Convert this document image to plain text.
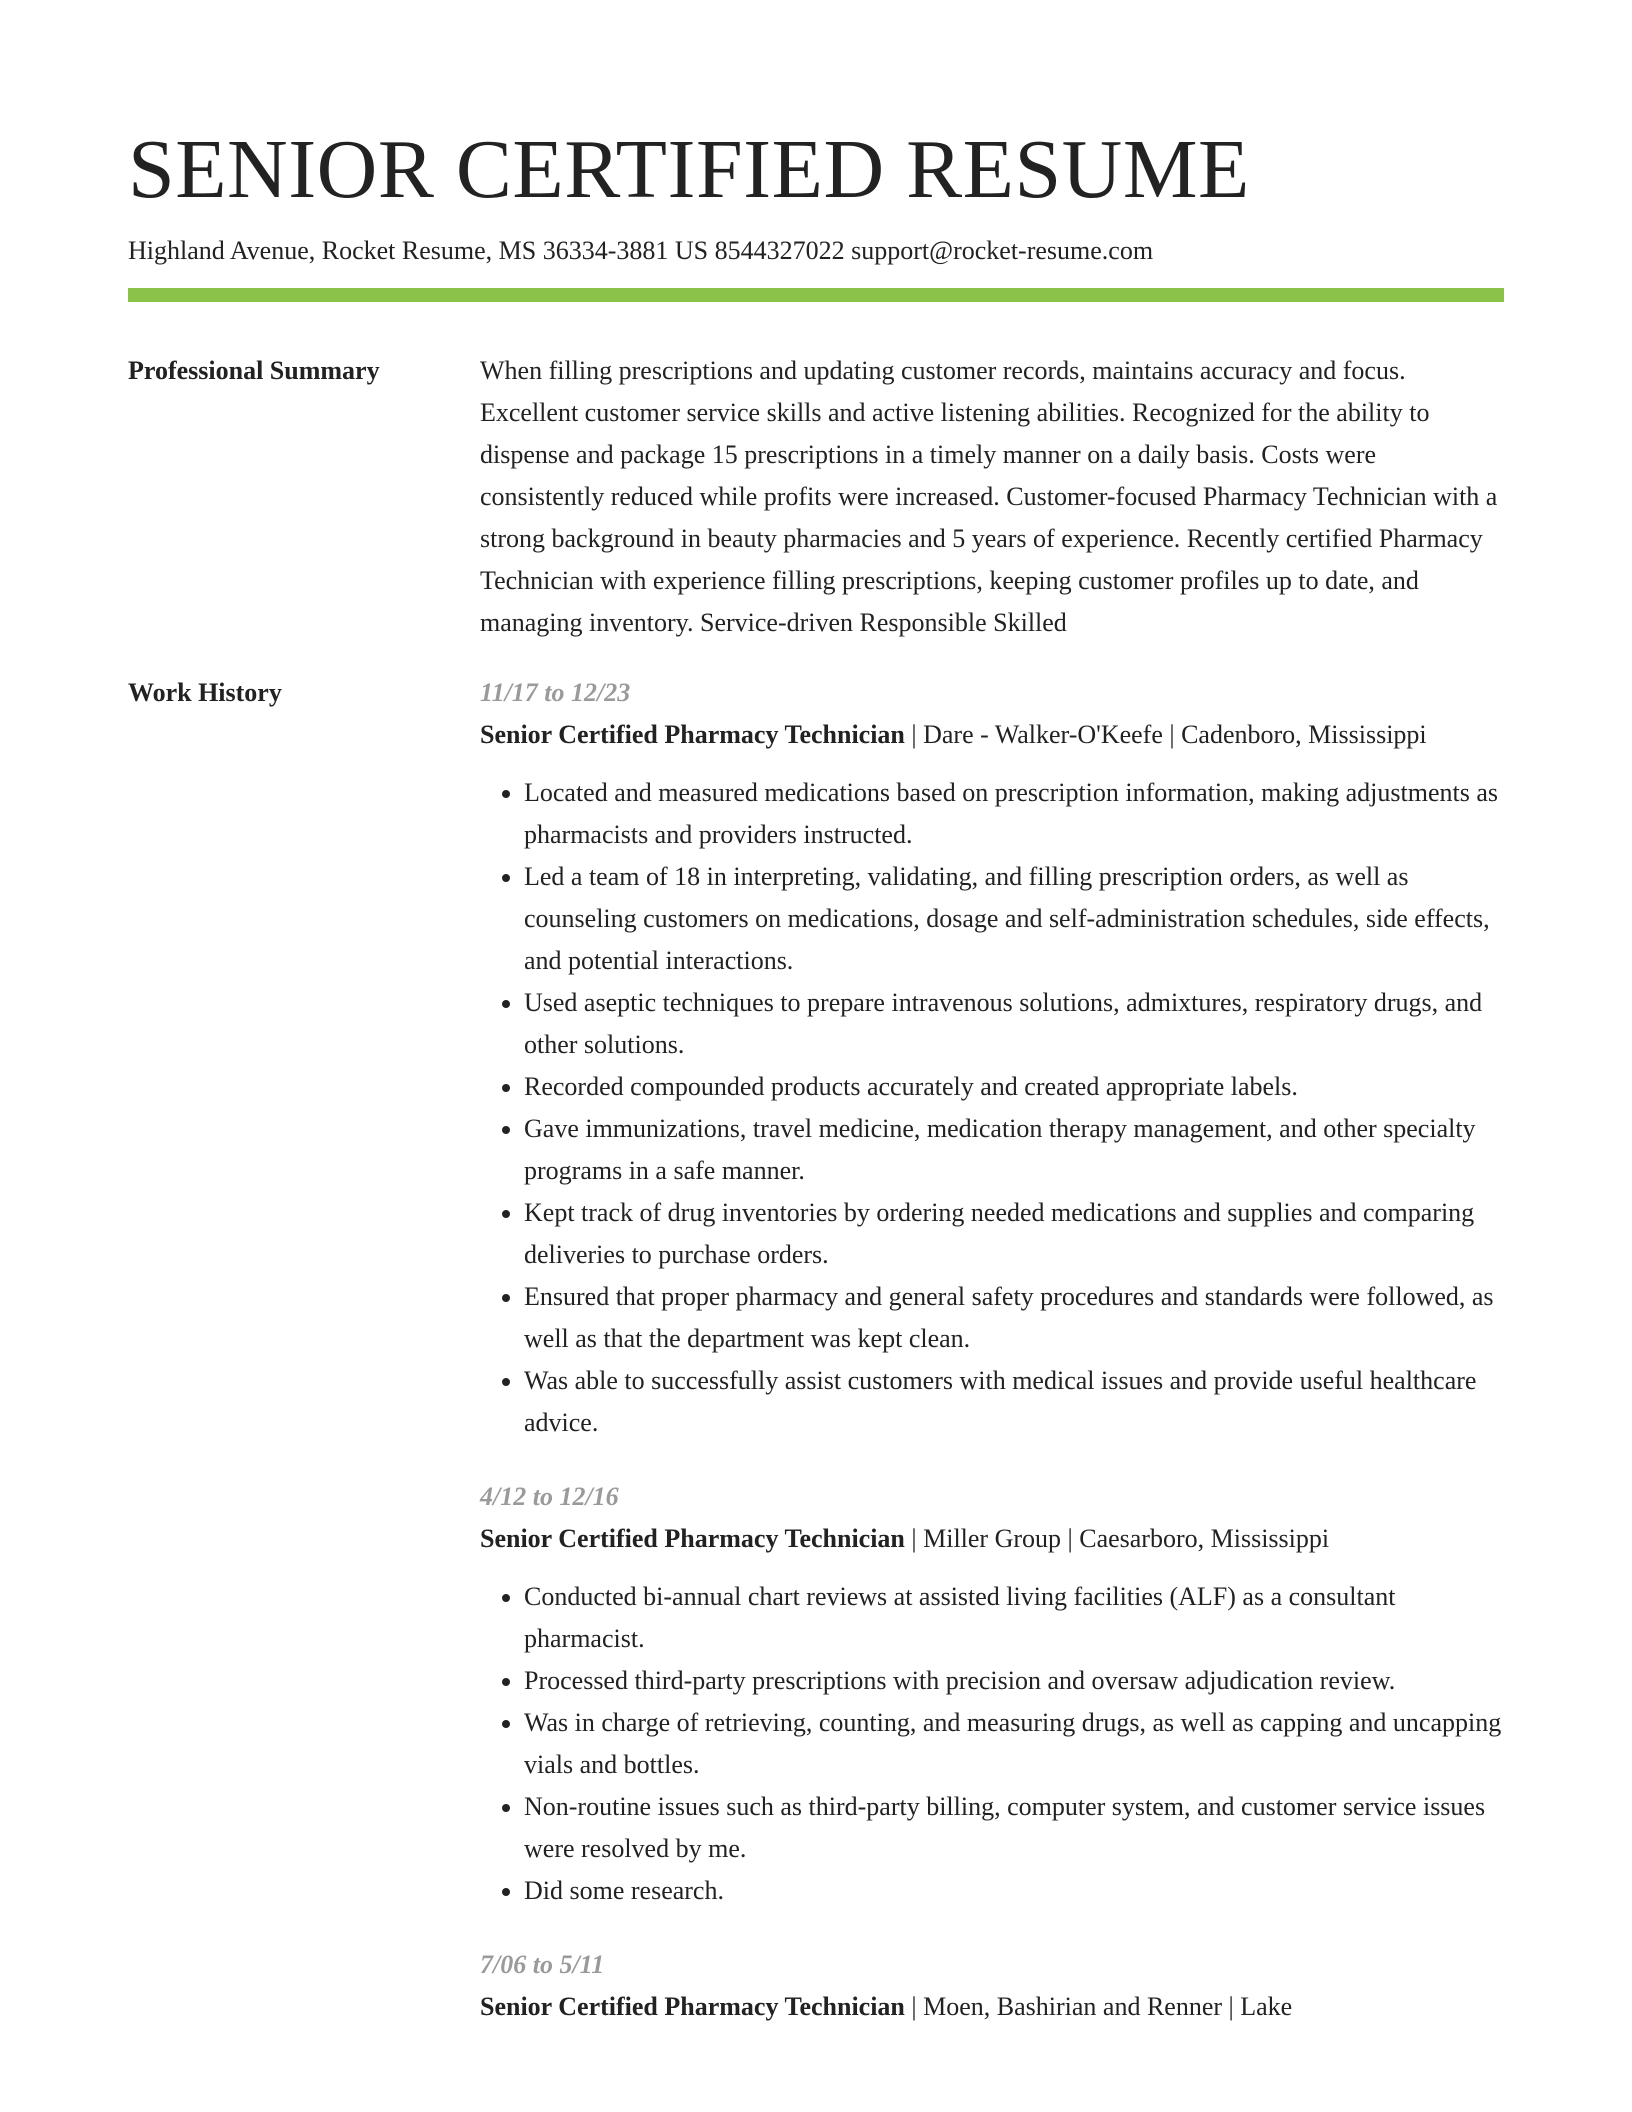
SENIOR CERTIFIED RESUME
Highland Avenue, Rocket Resume, MS 36334-3881 US 8544327022 support@rocket-resume.com
Professional Summary	When filling prescriptions and updating customer records, maintains accuracy and focus. Excellent customer service skills and active listening abilities. Recognized for the ability to dispense and package 15 prescriptions in a timely manner on a daily basis. Costs were consistently reduced while profits were increased. Customer-focused Pharmacy Technician with a strong background in beauty pharmacies and 5 years of experience. Recently certified Pharmacy Technician with experience filling prescriptions, keeping customer profiles up to date, and managing inventory. Service-driven Responsible Skilled

Work History	11/17 to 12/23
Senior Certified Pharmacy Technician | Dare - Walker-O'Keefe | Cadenboro, Mississippi
• Located and measured medications based on prescription information, making adjustments as pharmacists and providers instructed.
• Led a team of 18 in interpreting, validating, and filling prescription orders, as well as counseling customers on medications, dosage and self-administration schedules, side effects, and potential interactions.
• Used aseptic techniques to prepare intravenous solutions, admixtures, respiratory drugs, and other solutions.
• Recorded compounded products accurately and created appropriate labels.
• Gave immunizations, travel medicine, medication therapy management, and other specialty programs in a safe manner.
• Kept track of drug inventories by ordering needed medications and supplies and comparing deliveries to purchase orders.
• Ensured that proper pharmacy and general safety procedures and standards were followed, as well as that the department was kept clean.
• Was able to successfully assist customers with medical issues and provide useful healthcare advice.
4/12 to 12/16
Senior Certified Pharmacy Technician | Miller Group | Caesarboro, Mississippi
• Conducted bi-annual chart reviews at assisted living facilities (ALF) as a consultant pharmacist.
• Processed third-party prescriptions with precision and oversaw adjudication review.
• Was in charge of retrieving, counting, and measuring drugs, as well as capping and uncapping vials and bottles.
• Non-routine issues such as third-party billing, computer system, and customer service issues were resolved by me.
• Did some research.
7/06 to 5/11
Senior Certified Pharmacy Technician | Moen, Bashirian and Renner | Lake
